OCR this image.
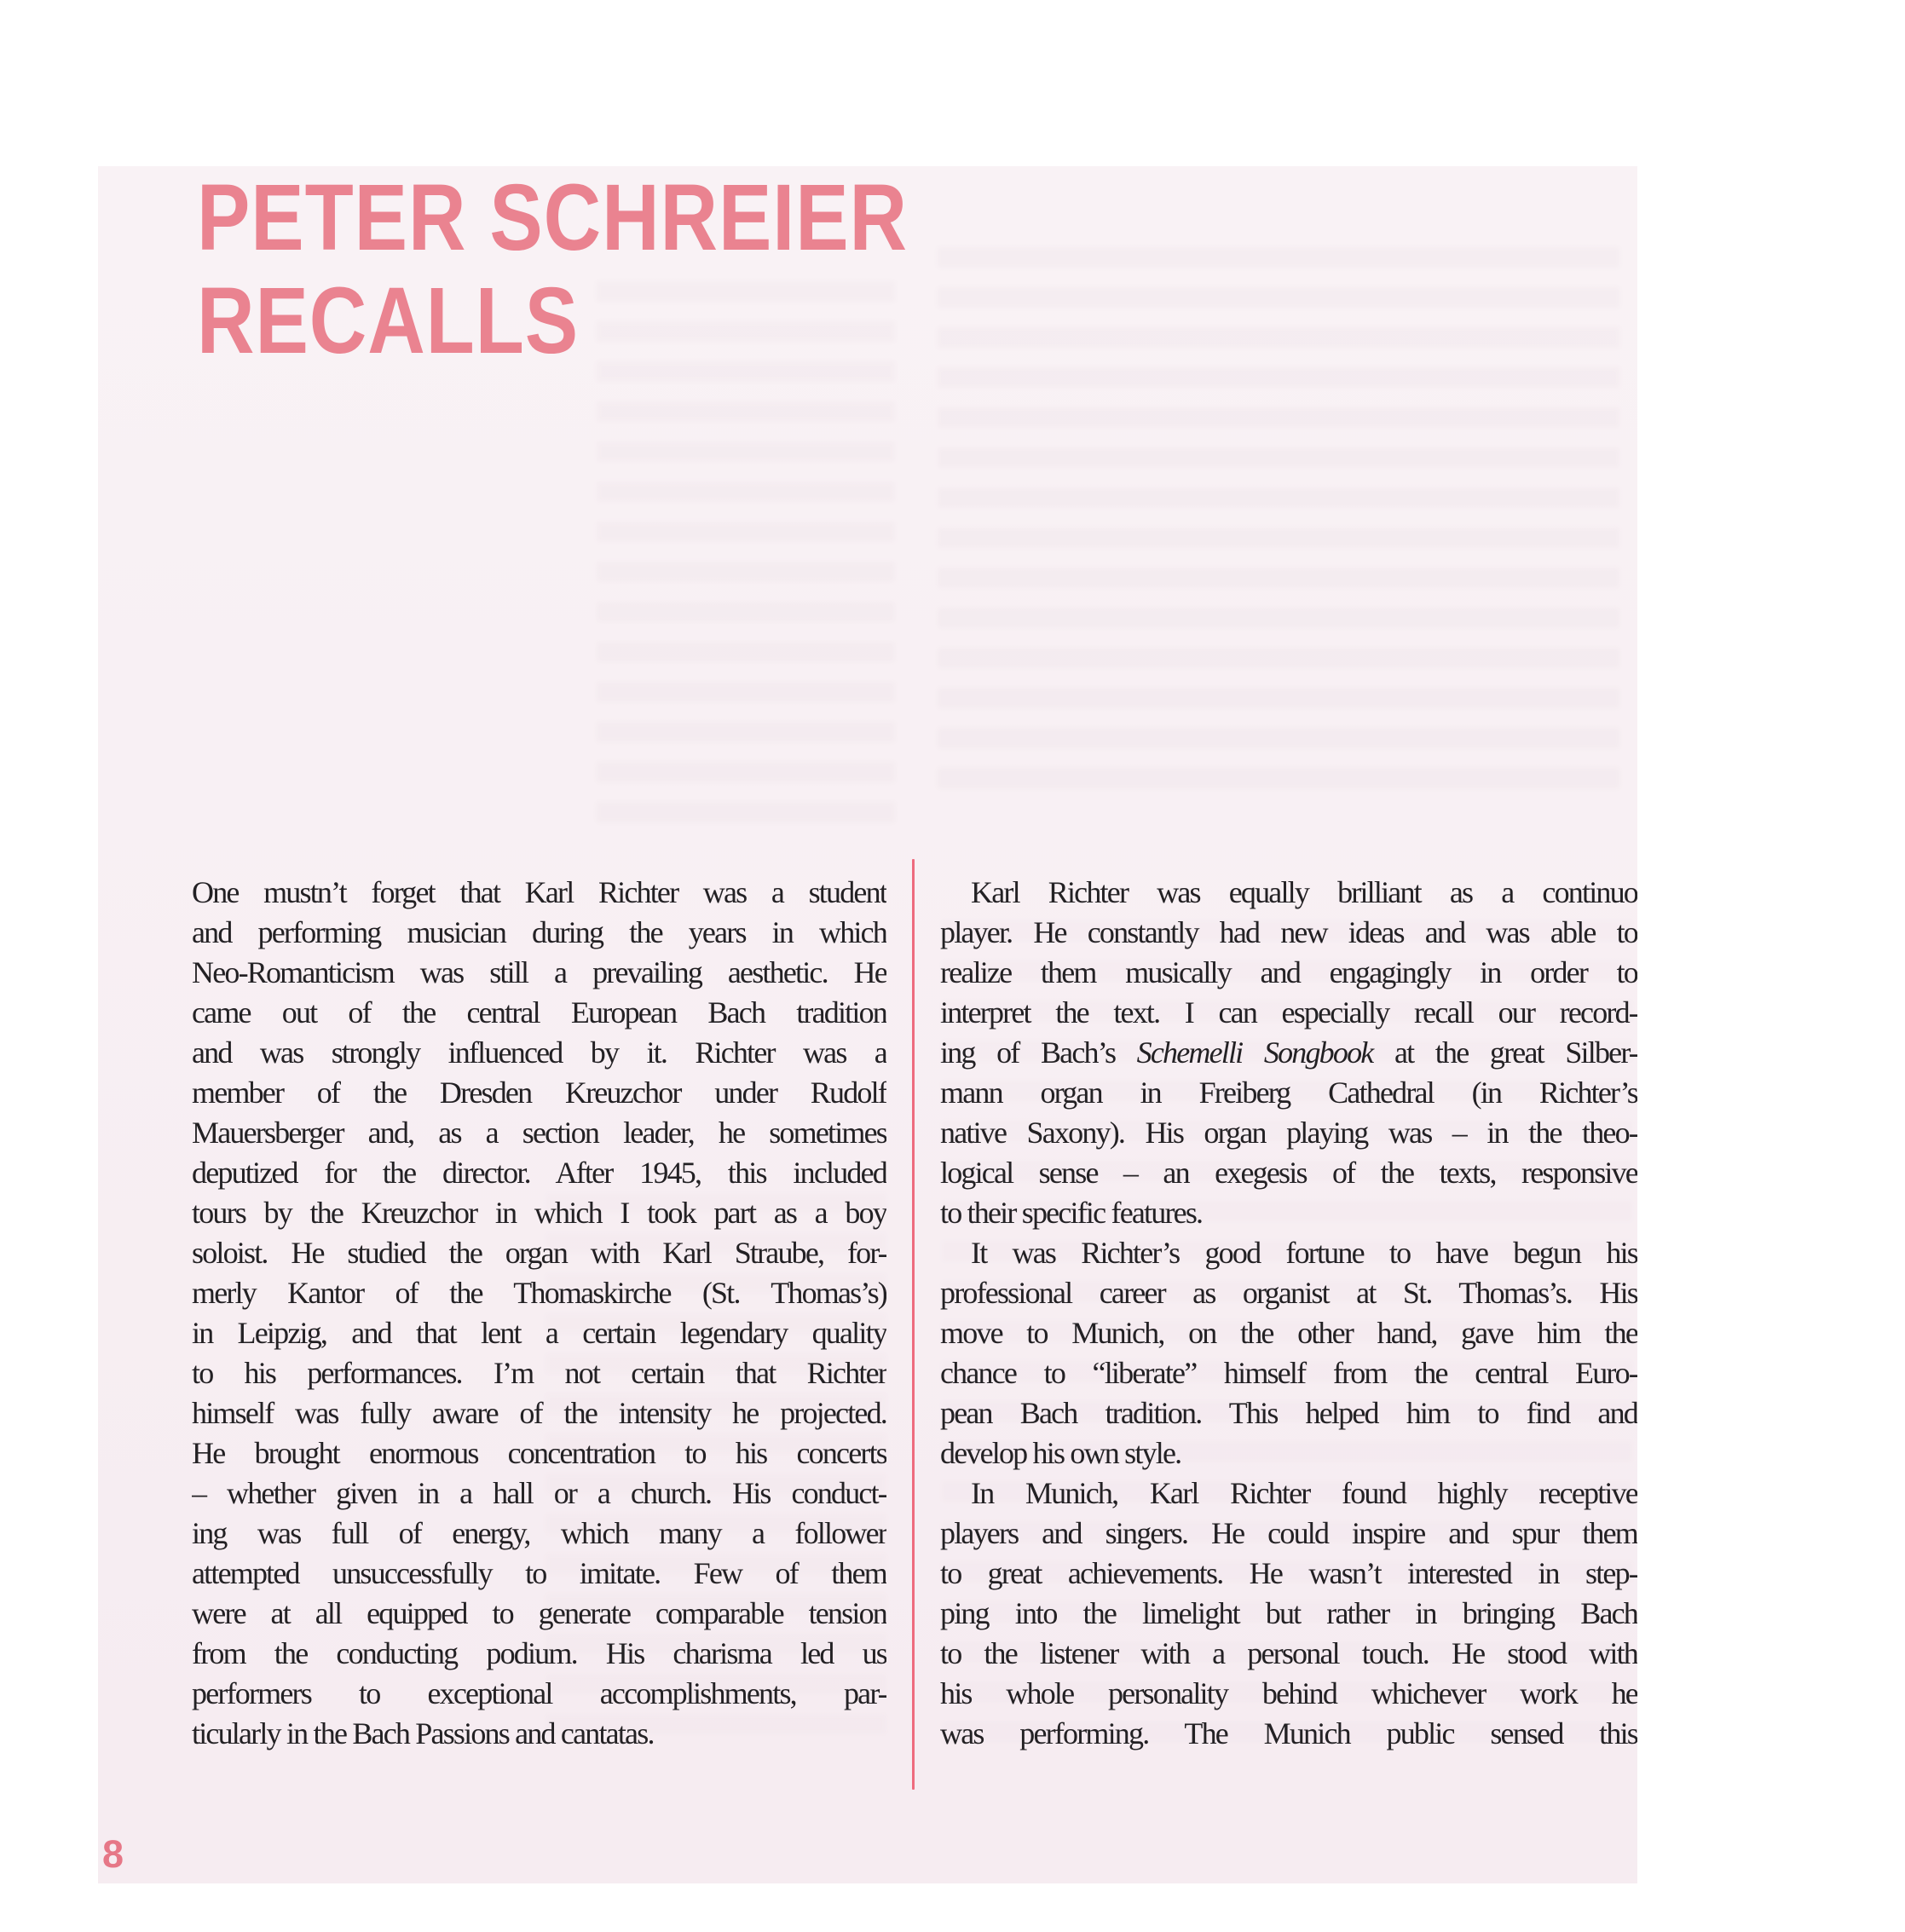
PETER SCHREIER
RECALLS
One mustn’t forget that Karl Richter was a student
and performing musician during the years in which
Neo-Romanticism was still a prevailing aesthetic. He
came out of the central European Bach tradition
and was strongly influenced by it. Richter was a
member of the Dresden Kreuzchor under Rudolf
Mauersberger and, as a section leader, he sometimes
deputized for the director. After 1945, this included
tours by the Kreuzchor in which I took part as a boy
soloist. He studied the organ with Karl Straube, for-
merly Kantor of the Thomaskirche (St. Thomas’s)
in Leipzig, and that lent a certain legendary quality
to his performances. I’m not certain that Richter
himself was fully aware of the intensity he projected.
He brought enormous concentration to his concerts
– whether given in a hall or a church. His conduct-
ing was full of energy, which many a follower
attempted unsuccessfully to imitate. Few of them
were at all equipped to generate comparable tension
from the conducting podium. His charisma led us
performers to exceptional accomplishments, par-
ticularly in the Bach Passions and cantatas.
Karl Richter was equally brilliant as a continuo
player. He constantly had new ideas and was able to
realize them musically and engagingly in order to
interpret the text. I can especially recall our record-
ing of Bach’s Schemelli Songbook at the great Silber-
mann organ in Freiberg Cathedral (in Richter’s
native Saxony). His organ playing was – in the theo-
logical sense – an exegesis of the texts, responsive
to their specific features.
It was Richter’s good fortune to have begun his
professional career as organist at St. Thomas’s. His
move to Munich, on the other hand, gave him the
chance to “liberate” himself from the central Euro-
pean Bach tradition. This helped him to find and
develop his own style.
In Munich, Karl Richter found highly receptive
players and singers. He could inspire and spur them
to great achievements. He wasn’t interested in step-
ping into the limelight but rather in bringing Bach
to the listener with a personal touch. He stood with
his whole personality behind whichever work he
was performing. The Munich public sensed this
8
